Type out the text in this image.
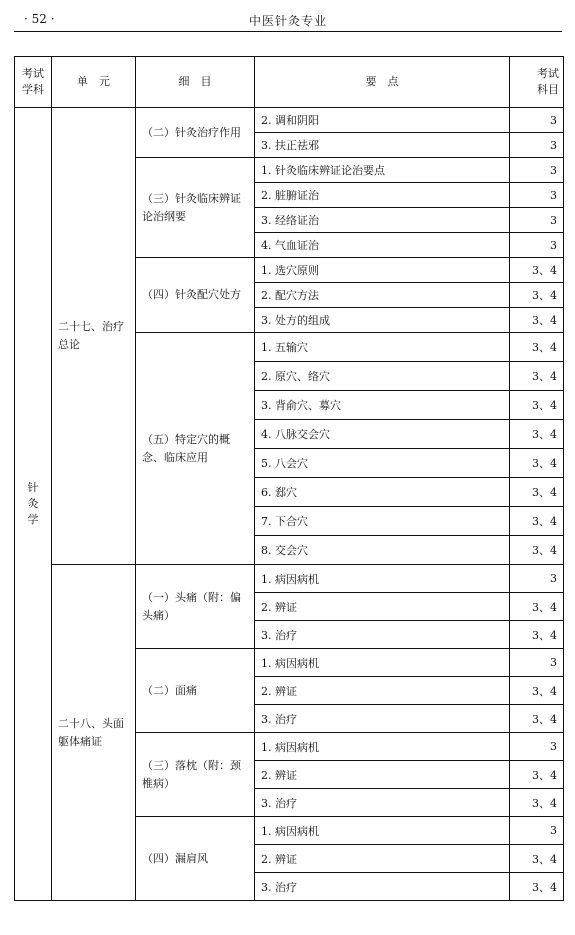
· 52 ·	中医针灸专业
考试学科	单　元	细　目	要　点	考试科目
针灸学	二十七、治疗总论	（二）针灸治疗作用	2. 调和阴阳	3
			3. 扶正祛邪	3
		（三）针灸临床辨证论治纲要	1. 针灸临床辨证论治要点	3
			2. 脏腑证治	3
			3. 经络证治	3
			4. 气血证治	3
		（四）针灸配穴处方	1. 选穴原则	3、4
			2. 配穴方法	3、4
			3. 处方的组成	3、4
		（五）特定穴的概念、临床应用	1. 五输穴	3、4
			2. 原穴、络穴	3、4
			3. 背俞穴、募穴	3、4
			4. 八脉交会穴	3、4
			5. 八会穴	3、4
			6. 郄穴	3、4
			7. 下合穴	3、4
			8. 交会穴	3、4
	二十八、头面躯体痛证	（一）头痛（附：偏头痛）	1. 病因病机	3
			2. 辨证	3、4
			3. 治疗	3、4
		（二）面痛	1. 病因病机	3
			2. 辨证	3、4
			3. 治疗	3、4
		（三）落枕（附：颈椎病）	1. 病因病机	3
			2. 辨证	3、4
			3. 治疗	3、4
		（四）漏肩风	1. 病因病机	3
			2. 辨证	3、4
			3. 治疗	3、4
